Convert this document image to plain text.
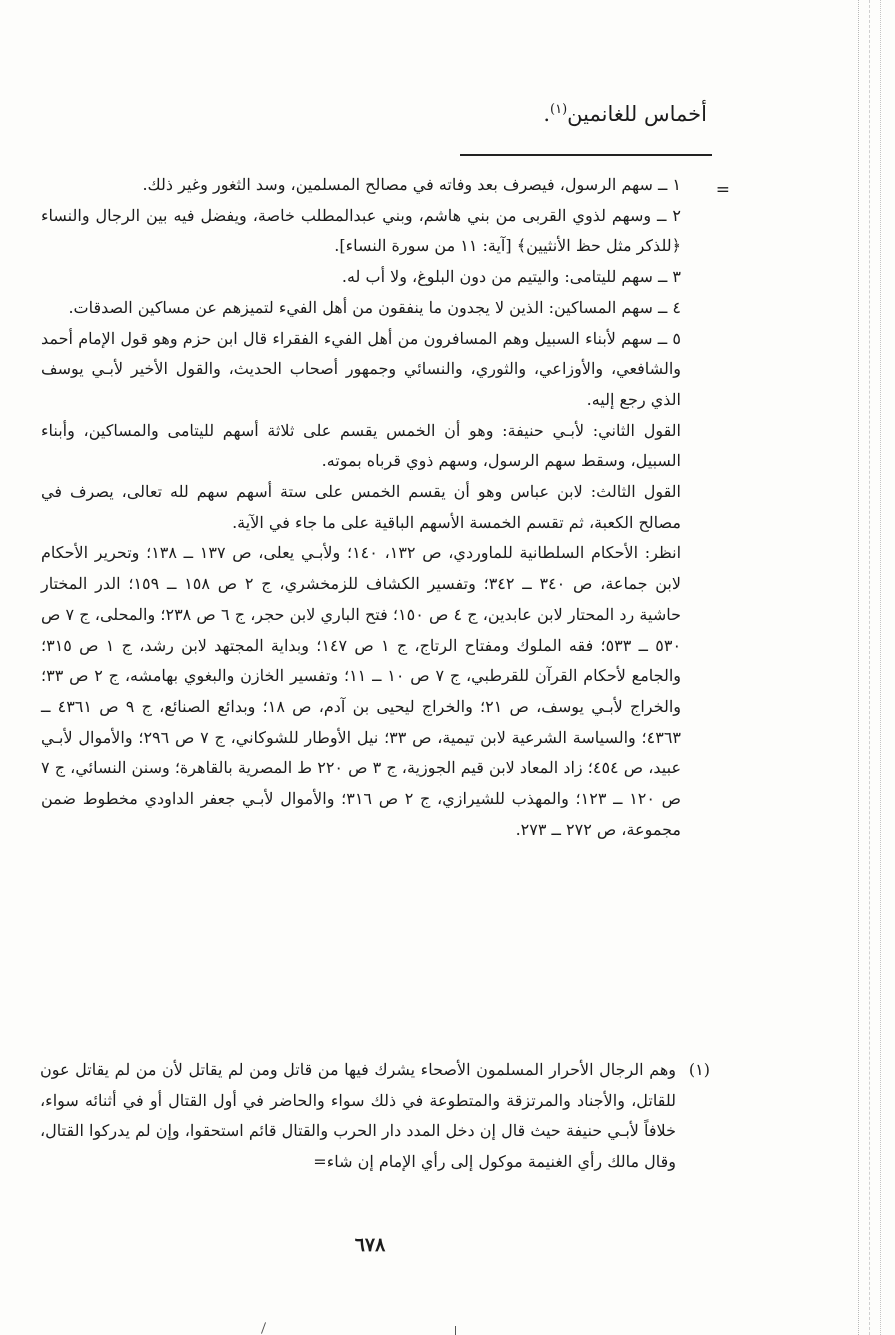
أخماس للغانمين$^{(١)}$.
=

١ ــ سهم الرسول، فيصرف بعد وفاته في مصالح المسلمين، وسد الثغور وغير ذلك.

٢ ــ وسهم لذوي القربى من بني هاشم، وبني عبدالمطلب خاصة، ويفضل فيه بين الرجال والنساء ﴿للذكر مثل حظ الأنثيين﴾ [آية: ١١ من سورة النساء].

٣ ــ سهم لليتامى: واليتيم من دون البلوغ، ولا أب له.

٤ ــ سهم المساكين: الذين لا يجدون ما ينفقون من أهل الفيء لتميزهم عن مساكين الصدقات.

٥ ــ سهم لأبناء السبيل وهم المسافرون من أهل الفيء الفقراء قال ابن حزم وهو قول الإمام أحمد والشافعي، والأوزاعي، والثوري، والنسائي وجمهور أصحاب الحديث، والقول الأخير لأبـي يوسف الذي رجع إليه.

القول الثاني: لأبـي حنيفة: وهو أن الخمس يقسم على ثلاثة أسهم لليتامى والمساكين، وأبناء السبيل، وسقط سهم الرسول، وسهم ذوي قرباه بموته.

القول الثالث: لابن عباس وهو أن يقسم الخمس على ستة أسهم سهم لله تعالى، يصرف في مصالح الكعبة، ثم تقسم الخمسة الأسهم الباقية على ما جاء في الآية.

انظر: الأحكام السلطانية للماوردي، ص ١٣٢، ١٤٠؛ ولأبـي يعلى، ص ١٣٧ ــ ١٣٨؛ وتحرير الأحكام لابن جماعة، ص ٣٤٠ ــ ٣٤٢؛ وتفسير الكشاف للزمخشري، ج ٢ ص ١٥٨ ــ ١٥٩؛ الدر المختار حاشية رد المحتار لابن عابدين، ج ٤ ص ١٥٠؛ فتح الباري لابن حجر، ج ٦ ص ٢٣٨؛ والمحلى، ج ٧ ص ٥٣٠ ــ ٥٣٣؛ فقه الملوك ومفتاح الرتاج، ج ١ ص ١٤٧؛ وبداية المجتهد لابن رشد، ج ١ ص ٣١٥؛ والجامع لأحكام القرآن للقرطبي، ج ٧ ص ١٠ ــ ١١؛ وتفسير الخازن والبغوي بهامشه، ج ٢ ص ٣٣؛ والخراج لأبـي يوسف، ص ٢١؛ والخراج ليحيى بن آدم، ص ١٨؛ وبدائع الصنائع، ج ٩ ص ٤٣٦١ ــ ٤٣٦٣؛ والسياسة الشرعية لابن تيمية، ص ٣٣؛ نيل الأوطار للشوكاني، ج ٧ ص ٢٩٦؛ والأموال لأبـي عبيد، ص ٤٥٤؛ زاد المعاد لابن قيم الجوزية، ج ٣ ص ٢٢٠ ط المصرية بالقاهرة؛ وسنن النسائي، ج ٧ ص ١٢٠ ــ ١٢٣؛ والمهذب للشيرازي، ج ٢ ص ٣١٦؛ والأموال لأبـي جعفر الداودي مخطوط ضمن مجموعة، ص ٢٧٢ ــ ٢٧٣.

(١)

وهم الرجال الأحرار المسلمون الأصحاء يشرك فيها من قاتل ومن لم يقاتل لأن من لم يقاتل عون للقاتل، والأجناد والمرتزقة والمتطوعة في ذلك سواء والحاضر في أول القتال أو في أثنائه سواء، خلافاً لأبـي حنيفة حيث قال إن دخل المدد دار الحرب والقتال قائم استحقوا، وإن لم يدركوا القتال، وقال مالك رأي الغنيمة موكول إلى رأي الإمام إن شاء=

٦٧٨
